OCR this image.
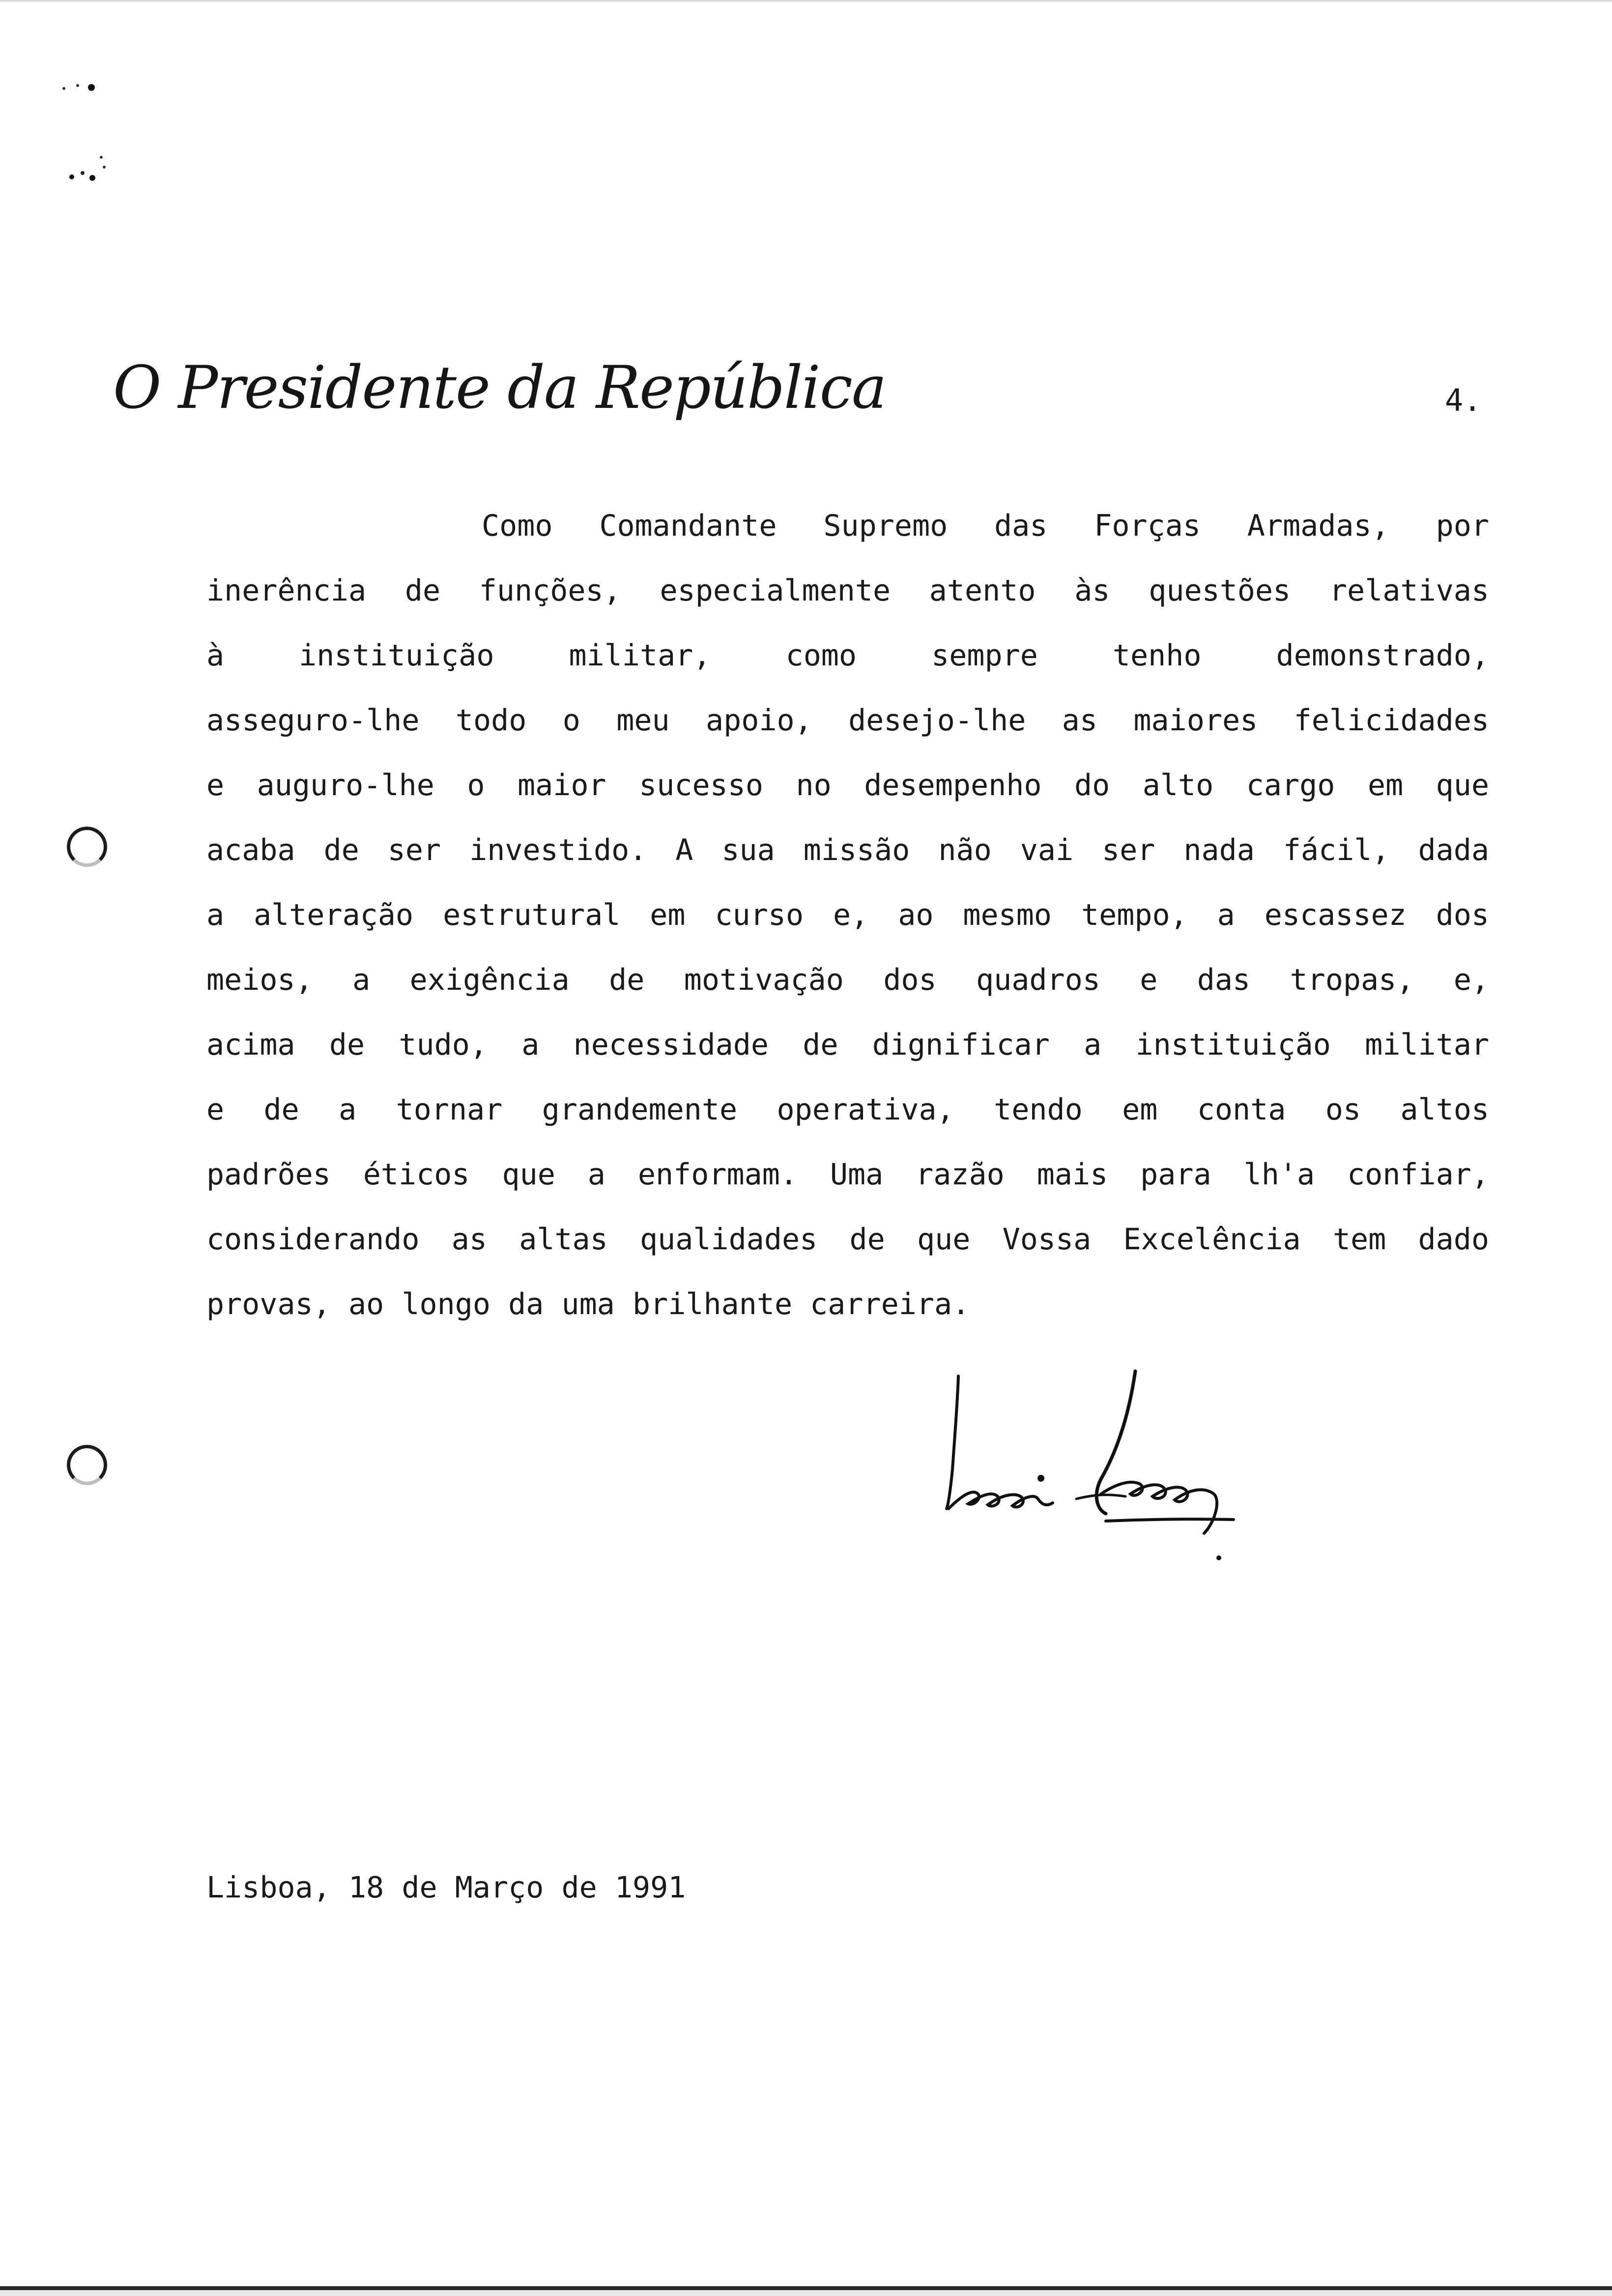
O Presidente da República	4.
Como Comandante Supremo das Forças Armadas, por
inerência de funções, especialmente atento às questões relativas
à instituição militar, como sempre tenho demonstrado,
asseguro-lhe todo o meu apoio, desejo-lhe as maiores felicidades
e auguro-lhe o maior sucesso no desempenho do alto cargo em que
acaba de ser investido. A sua missão não vai ser nada fácil, dada
a alteração estrutural em curso e, ao mesmo tempo, a escassez dos
meios, a exigência de motivação dos quadros e das tropas, e,
acima de tudo, a necessidade de dignificar a instituição militar
e de a tornar grandemente operativa, tendo em conta os altos
padrões éticos que a enformam. Uma razão mais para lh'a confiar,
considerando as altas qualidades de que Vossa Excelência tem dado
provas, ao longo da uma brilhante carreira.
Lisboa, 18 de Março de 1991
